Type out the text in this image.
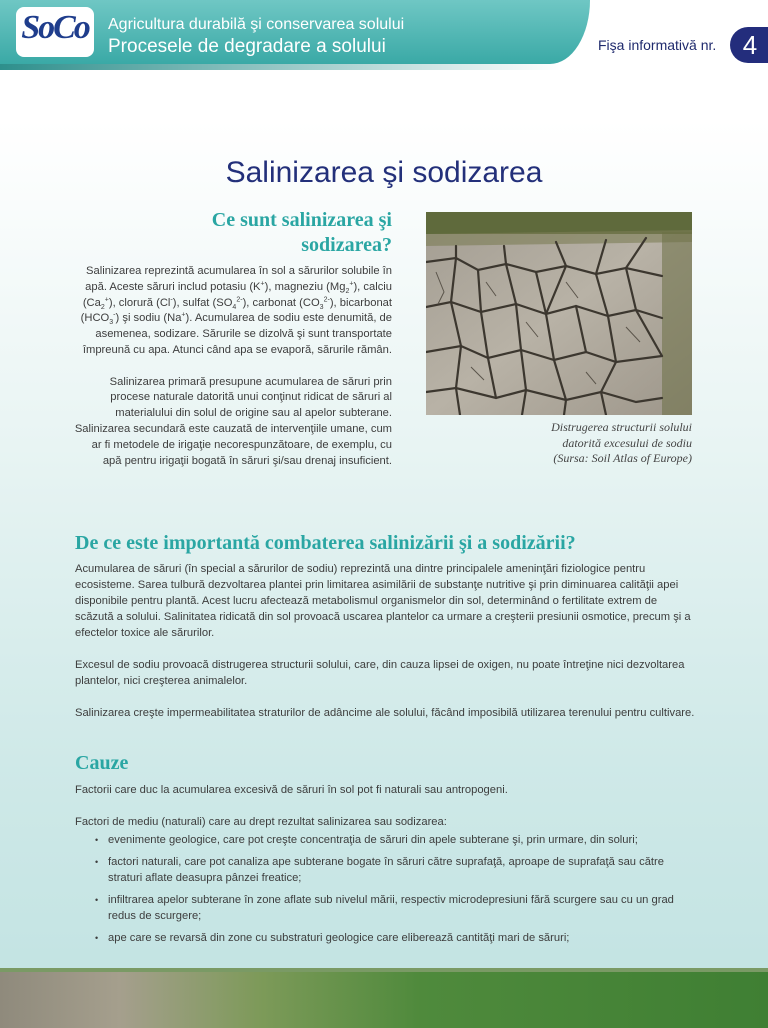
SoCo	Agricultura durabilă şi conservarea solului
Procesele de degradare a solului	Fişa informativă nr.	4
Salinizarea şi sodizarea
Ce sunt salinizarea şi sodizarea?

Salinizarea reprezintă acumularea în sol a sărurilor solubile în apă. Aceste săruri includ potasiu (K+), magneziu $(Mg_2^+)$, calciu $(Ca_2^+)$, clorură (Cl-), sulfat $(SO_4^{2-})$, carbonat $(CO_3^{2-})$, bicarbonat $(HCO_3^-)$ şi sodiu (Na+). Acumularea de sodiu este denumită, de asemenea, sodizare. Sărurile se dizolvă şi sunt transportate împreună cu apa. Atunci când apa se evaporă, sărurile rămân.

Salinizarea primară presupune acumularea de săruri prin procese naturale datorită unui conţinut ridicat de săruri al materialului din solul de origine sau al apelor subterane. Salinizarea secundară este cauzată de intervenţiile umane, cum ar fi metodele de irigaţie necorespunzătoare, de exemplu, cu apă pentru irigaţii bogată în săruri şi/sau drenaj insuficient.

Distrugerea structurii solului
datorită excesului de sodiu
(Sursa: Soil Atlas of Europe)
De ce este importantă combaterea salinizării şi a sodizării?

Acumularea de săruri (în special a sărurilor de sodiu) reprezintă una dintre principalele ameninţări fiziologice pentru ecosisteme. Sarea tulbură dezvoltarea plantei prin limitarea asimilării de substanţe nutritive şi prin diminuarea calităţii apei disponibile pentru plantă. Acest lucru afectează metabolismul organismelor din sol, determinând o fertilitate extrem de scăzută a solului. Salinitatea ridicată din sol provoacă uscarea plantelor ca urmare a creşterii presiunii osmotice, precum şi a efectelor toxice ale sărurilor.

Excesul de sodiu provoacă distrugerea structurii solului, care, din cauza lipsei de oxigen, nu poate întreţine nici dezvoltarea plantelor, nici creşterea animalelor.

Salinizarea creşte impermeabilitatea straturilor de adâncime ale solului, făcând imposibilă utilizarea terenului pentru cultivare.

Cauze

Factorii care duc la acumularea excesivă de săruri în sol pot fi naturali sau antropogeni.

Factori de mediu (naturali) care au drept rezultat salinizarea sau sodizarea:

• evenimente geologice, care pot creşte concentraţia de săruri din apele subterane şi, prin urmare, din soluri;
• factori naturali, care pot canaliza ape subterane bogate în săruri către suprafaţă, aproape de suprafaţă sau către straturi aflate deasupra pânzei freatice;
• infiltrarea apelor subterane în zone aflate sub nivelul mării, respectiv microdepresiuni fără scurgere sau cu un grad redus de scurgere;
• ape care se revarsă din zone cu substraturi geologice care eliberează cantităţi mari de săruri;
